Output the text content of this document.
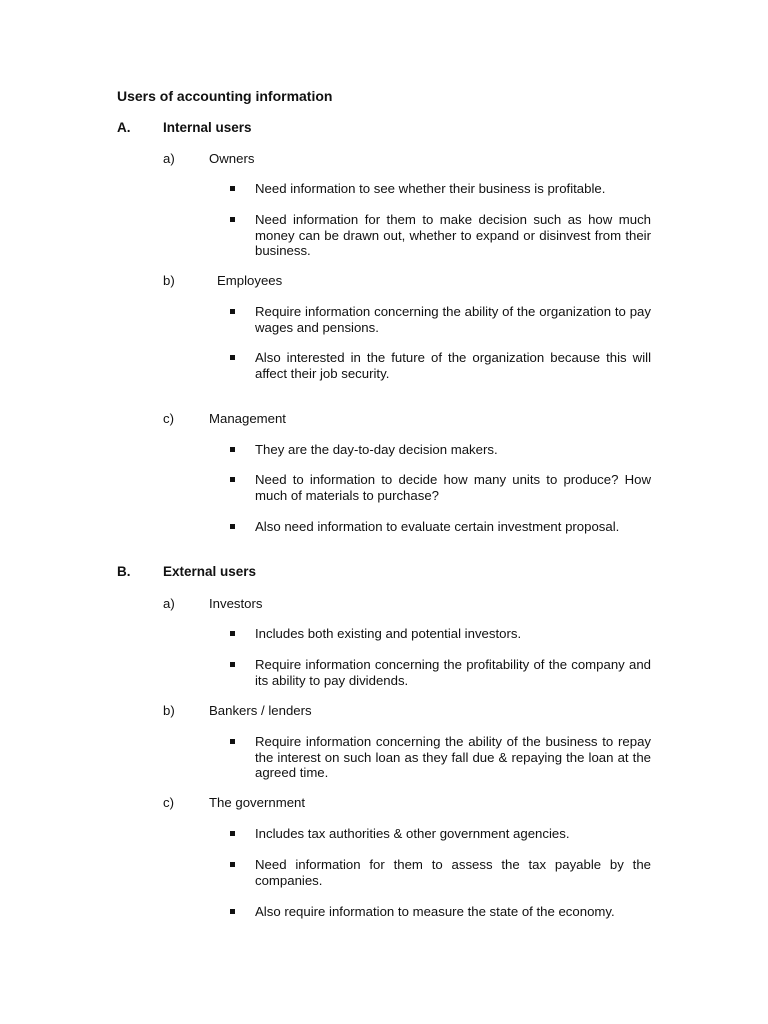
Users of accounting information
A. Internal users
a)	Owners
Need information to see whether their business is profitable.
Need information for them to make decision such as how much money can be drawn out, whether to expand or disinvest from their business.
b)	Employees
Require information concerning the ability of the organization to pay wages and pensions.
Also interested in the future of the organization because this will affect their job security.
c)	Management
They are the day-to-day decision makers.
Need to information to decide how many units to produce? How much of materials to purchase?
Also need information to evaluate certain investment proposal.
B. External users
a)	Investors
Includes both existing and potential investors.
Require information concerning the profitability of the company and its ability to pay dividends.
b)	Bankers / lenders
Require information concerning the ability of the business to repay the interest on such loan as they fall due & repaying the loan at the agreed time.
c)	The government
Includes tax authorities & other government agencies.
Need information for them to assess the tax payable by the companies.
Also require information to measure the state of the economy.
